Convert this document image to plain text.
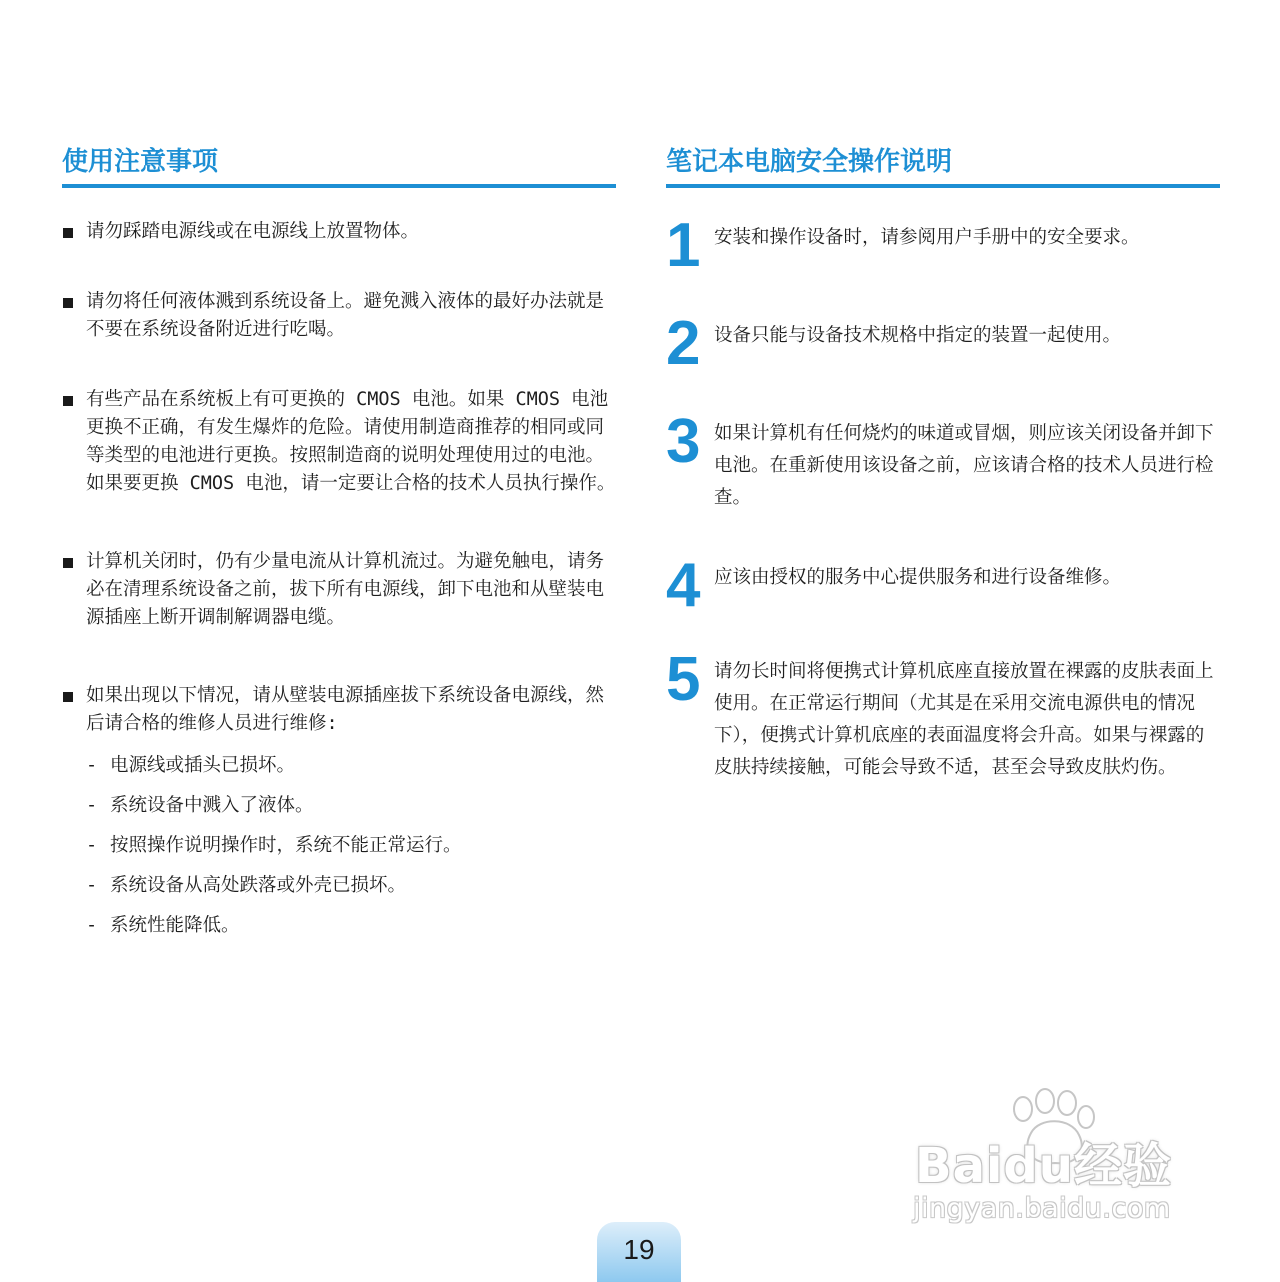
使用注意事项
请勿踩踏电源线或在电源线上放置物体。
请勿将任何液体溅到系统设备上。避免溅入液体的最好办法就是不要在系统设备附近进行吃喝。
有些产品在系统板上有可更换的 CMOS 电池。如果 CMOS 电池更换不正确，有发生爆炸的危险。请使用制造商推荐的相同或同等类型的电池进行更换。按照制造商的说明处理使用过的电池。如果要更换 CMOS 电池，请一定要让合格的技术人员执行操作。
计算机关闭时，仍有少量电流从计算机流过。为避免触电，请务必在清理系统设备之前，拔下所有电源线，卸下电池和从壁装电源插座上断开调制解调器电缆。
如果出现以下情况，请从壁装电源插座拔下系统设备电源线，然后请合格的维修人员进行维修:
- 电源线或插头已损坏。
- 系统设备中溅入了液体。
- 按照操作说明操作时，系统不能正常运行。
- 系统设备从高处跌落或外壳已损坏。
- 系统性能降低。
笔记本电脑安全操作说明
1 安装和操作设备时，请参阅用户手册中的安全要求。
2 设备只能与设备技术规格中指定的装置一起使用。
3 如果计算机有任何烧灼的味道或冒烟，则应该关闭设备并卸下电池。在重新使用该设备之前，应该请合格的技术人员进行检查。
4 应该由授权的服务中心提供服务和进行设备维修。
5 请勿长时间将便携式计算机底座直接放置在裸露的皮肤表面上使用。在正常运行期间（尤其是在采用交流电源供电的情况下），便携式计算机底座的表面温度将会升高。如果与裸露的皮肤持续接触，可能会导致不适，甚至会导致皮肤灼伤。
Baidu经验
jingyan.baidu.com
19
